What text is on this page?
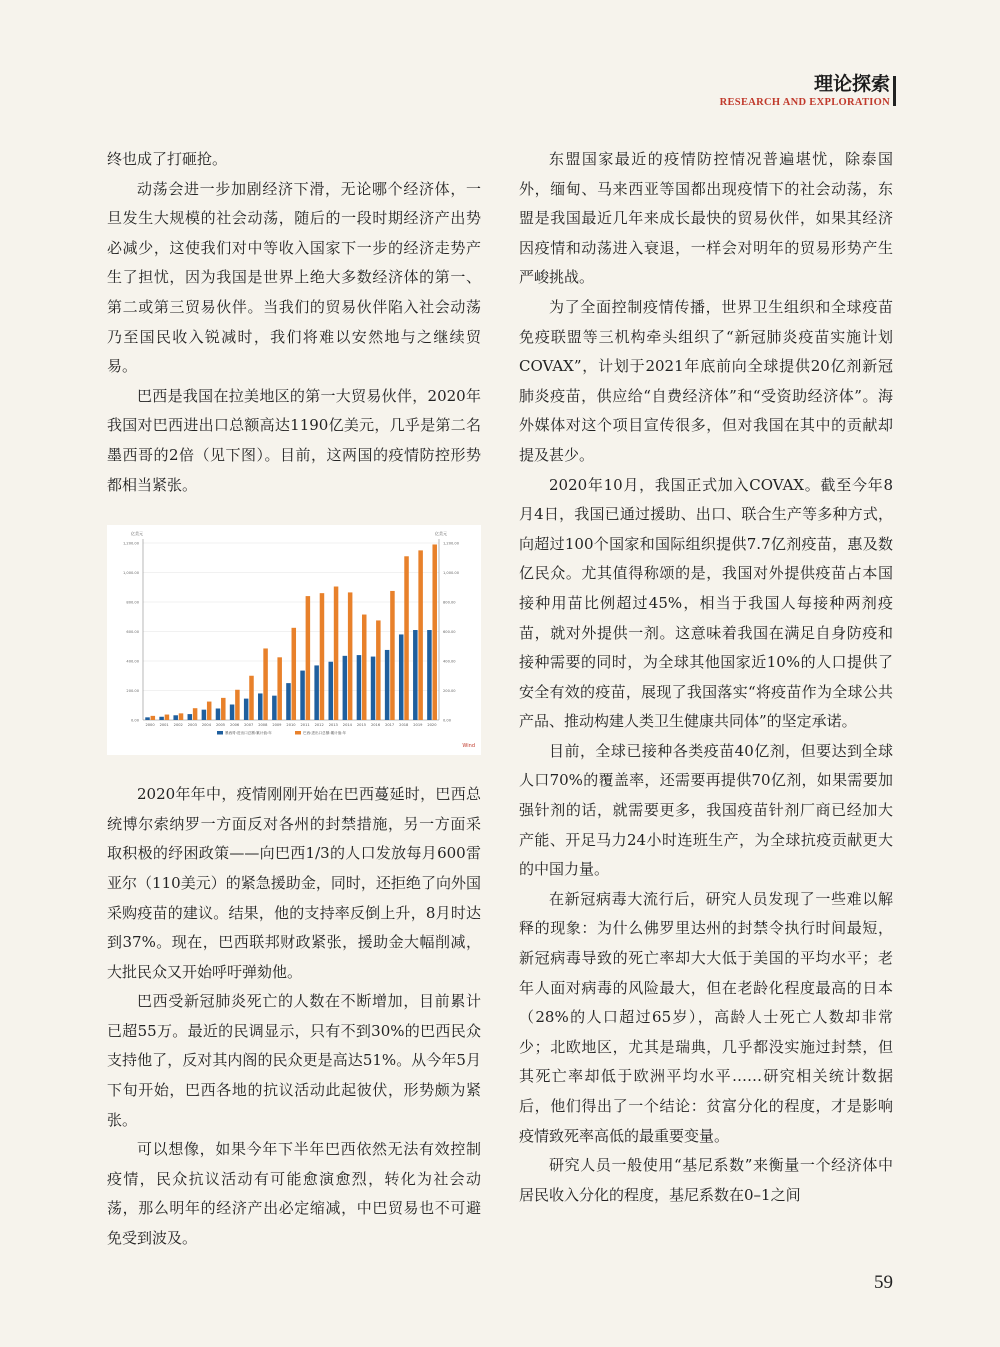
理论探索
RESEARCH AND EXPLORATION

终也成了打砸抢。

动荡会进一步加剧经济下滑，无论哪个经济体，一旦发生大规模的社会动荡，随后的一段时期经济产出势必减少，这使我们对中等收入国家下一步的经济走势产生了担忧，因为我国是世界上绝大多数经济体的第一、第二或第三贸易伙伴。当我们的贸易伙伴陷入社会动荡乃至国民收入锐减时，我们将难以安然地与之继续贸易。

巴西是我国在拉美地区的第一大贸易伙伴，2020年我国对巴西进出口总额高达1190亿美元，几乎是第二名墨西哥的2倍（见下图）。目前，这两国的疫情防控形势都相当紧张。

0.00	0.00
200.00	200.00
400.00	400.00
600.00	600.00
800.00	800.00
1,000.00	1,000.00
1,200.00	1,200.00
亿美元	亿美元
2000 2001 2002 2003 2004 2005 2006 2007 2008 2009 2010 2011 2012 2013 2014 2015 2016 2017 2018 2019 2020
墨西哥:进出口总额:累计值:年	巴西:进出口总额:累计值:年
Wind

2020年年中，疫情刚刚开始在巴西蔓延时，巴西总统博尔索纳罗一方面反对各州的封禁措施，另一方面采取积极的纾困政策——向巴西1/3的人口发放每月600雷亚尔（110美元）的紧急援助金，同时，还拒绝了向外国采购疫苗的建议。结果，他的支持率反倒上升，8月时达到37%。现在，巴西联邦财政紧张，援助金大幅削减，大批民众又开始呼吁弹劾他。

巴西受新冠肺炎死亡的人数在不断增加，目前累计已超55万。最近的民调显示，只有不到30%的巴西民众支持他了，反对其内阁的民众更是高达51%。从今年5月下旬开始，巴西各地的抗议活动此起彼伏，形势颇为紧张。

可以想像，如果今年下半年巴西依然无法有效控制疫情，民众抗议活动有可能愈演愈烈，转化为社会动荡，那么明年的经济产出必定缩减，中巴贸易也不可避免受到波及。

东盟国家最近的疫情防控情况普遍堪忧，除泰国外，缅甸、马来西亚等国都出现疫情下的社会动荡，东盟是我国最近几年来成长最快的贸易伙伴，如果其经济因疫情和动荡进入衰退，一样会对明年的贸易形势产生严峻挑战。

为了全面控制疫情传播，世界卫生组织和全球疫苗免疫联盟等三机构牵头组织了“新冠肺炎疫苗实施计划COVAX”，计划于2021年底前向全球提供20亿剂新冠肺炎疫苗，供应给“自费经济体”和“受资助经济体”。海外媒体对这个项目宣传很多，但对我国在其中的贡献却提及甚少。

2020年10月，我国正式加入COVAX。截至今年8月4日，我国已通过援助、出口、联合生产等多种方式，向超过100个国家和国际组织提供7.7亿剂疫苗，惠及数亿民众。尤其值得称颂的是，我国对外提供疫苗占本国接种用苗比例超过45%，相当于我国人每接种两剂疫苗，就对外提供一剂。这意味着我国在满足自身防疫和接种需要的同时，为全球其他国家近10%的人口提供了安全有效的疫苗，展现了我国落实“将疫苗作为全球公共产品、推动构建人类卫生健康共同体”的坚定承诺。

目前，全球已接种各类疫苗40亿剂，但要达到全球人口70%的覆盖率，还需要再提供70亿剂，如果需要加强针剂的话，就需要更多，我国疫苗针剂厂商已经加大产能、开足马力24小时连班生产，为全球抗疫贡献更大的中国力量。

在新冠病毒大流行后，研究人员发现了一些难以解释的现象：为什么佛罗里达州的封禁令执行时间最短，新冠病毒导致的死亡率却大大低于美国的平均水平；老年人面对病毒的风险最大，但在老龄化程度最高的日本（28%的人口超过65岁），高龄人士死亡人数却非常少；北欧地区，尤其是瑞典，几乎都没实施过封禁，但其死亡率却低于欧洲平均水平……研究相关统计数据后，他们得出了一个结论：贫富分化的程度，才是影响疫情致死率高低的最重要变量。

研究人员一般使用“基尼系数”来衡量一个经济体中居民收入分化的程度，基尼系数在0–1之间

59
